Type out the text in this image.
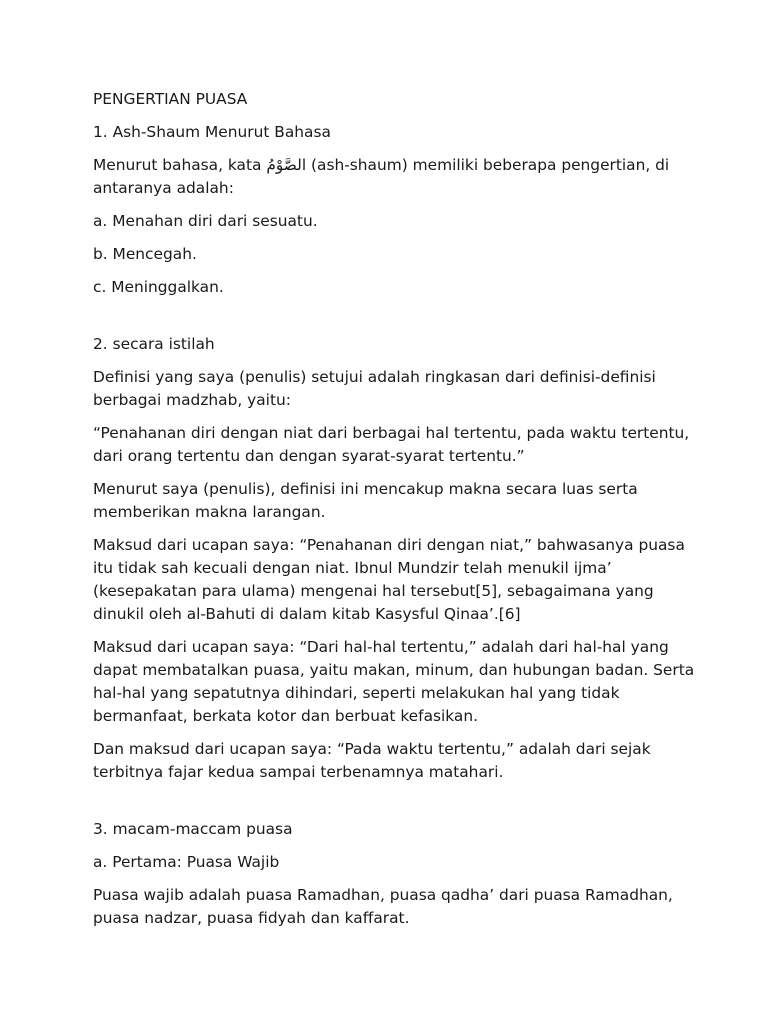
PENGERTIAN PUASA

1. Ash-Shaum Menurut Bahasa

Menurut bahasa, kata الصَّوْمُ (ash-shaum) memiliki beberapa pengertian, di antaranya adalah:

a. Menahan diri dari sesuatu.

b. Mencegah.

c. Meninggalkan.

2. secara istilah

Definisi yang saya (penulis) setujui adalah ringkasan dari definisi-definisi berbagai madzhab, yaitu:

“Penahanan diri dengan niat dari berbagai hal tertentu, pada waktu tertentu, dari orang tertentu dan dengan syarat-syarat tertentu.”

Menurut saya (penulis), definisi ini mencakup makna secara luas serta memberikan makna larangan.

Maksud dari ucapan saya: “Penahanan diri dengan niat,” bahwasanya puasa itu tidak sah kecuali dengan niat. Ibnul Mundzir telah menukil ijma’ (kesepakatan para ulama) mengenai hal tersebut[5], sebagaimana yang dinukil oleh al-Bahuti di dalam kitab Kasysful Qinaa’.[6]

Maksud dari ucapan saya: “Dari hal-hal tertentu,” adalah dari hal-hal yang dapat membatalkan puasa, yaitu makan, minum, dan hubungan badan. Serta hal-hal yang sepatutnya dihindari, seperti melakukan hal yang tidak bermanfaat, berkata kotor dan berbuat kefasikan.

Dan maksud dari ucapan saya: “Pada waktu tertentu,” adalah dari sejak terbitnya fajar kedua sampai terbenamnya matahari.

3. macam-maccam puasa

a. Pertama: Puasa Wajib

Puasa wajib adalah puasa Ramadhan, puasa qadha’ dari puasa Ramadhan, puasa nadzar, puasa fidyah dan kaffarat.
